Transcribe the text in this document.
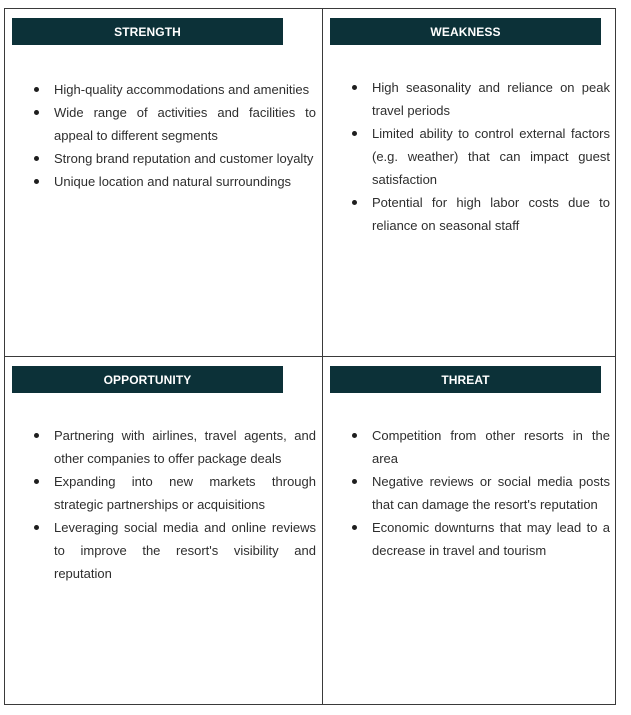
STRENGTH
High-quality accommodations and amenities
Wide range of activities and facilities to appeal to different segments
Strong brand reputation and customer loyalty
Unique location and natural surroundings
WEAKNESS
High seasonality and reliance on peak travel periods
Limited ability to control external factors (e.g. weather) that can impact guest satisfaction
Potential for high labor costs due to reliance on seasonal staff
OPPORTUNITY
Partnering with airlines, travel agents, and other companies to offer package deals
Expanding into new markets through strategic partnerships or acquisitions
Leveraging social media and online reviews to improve the resort's visibility and reputation
THREAT
Competition from other resorts in the area
Negative reviews or social media posts that can damage the resort's reputation
Economic downturns that may lead to a decrease in travel and tourism
